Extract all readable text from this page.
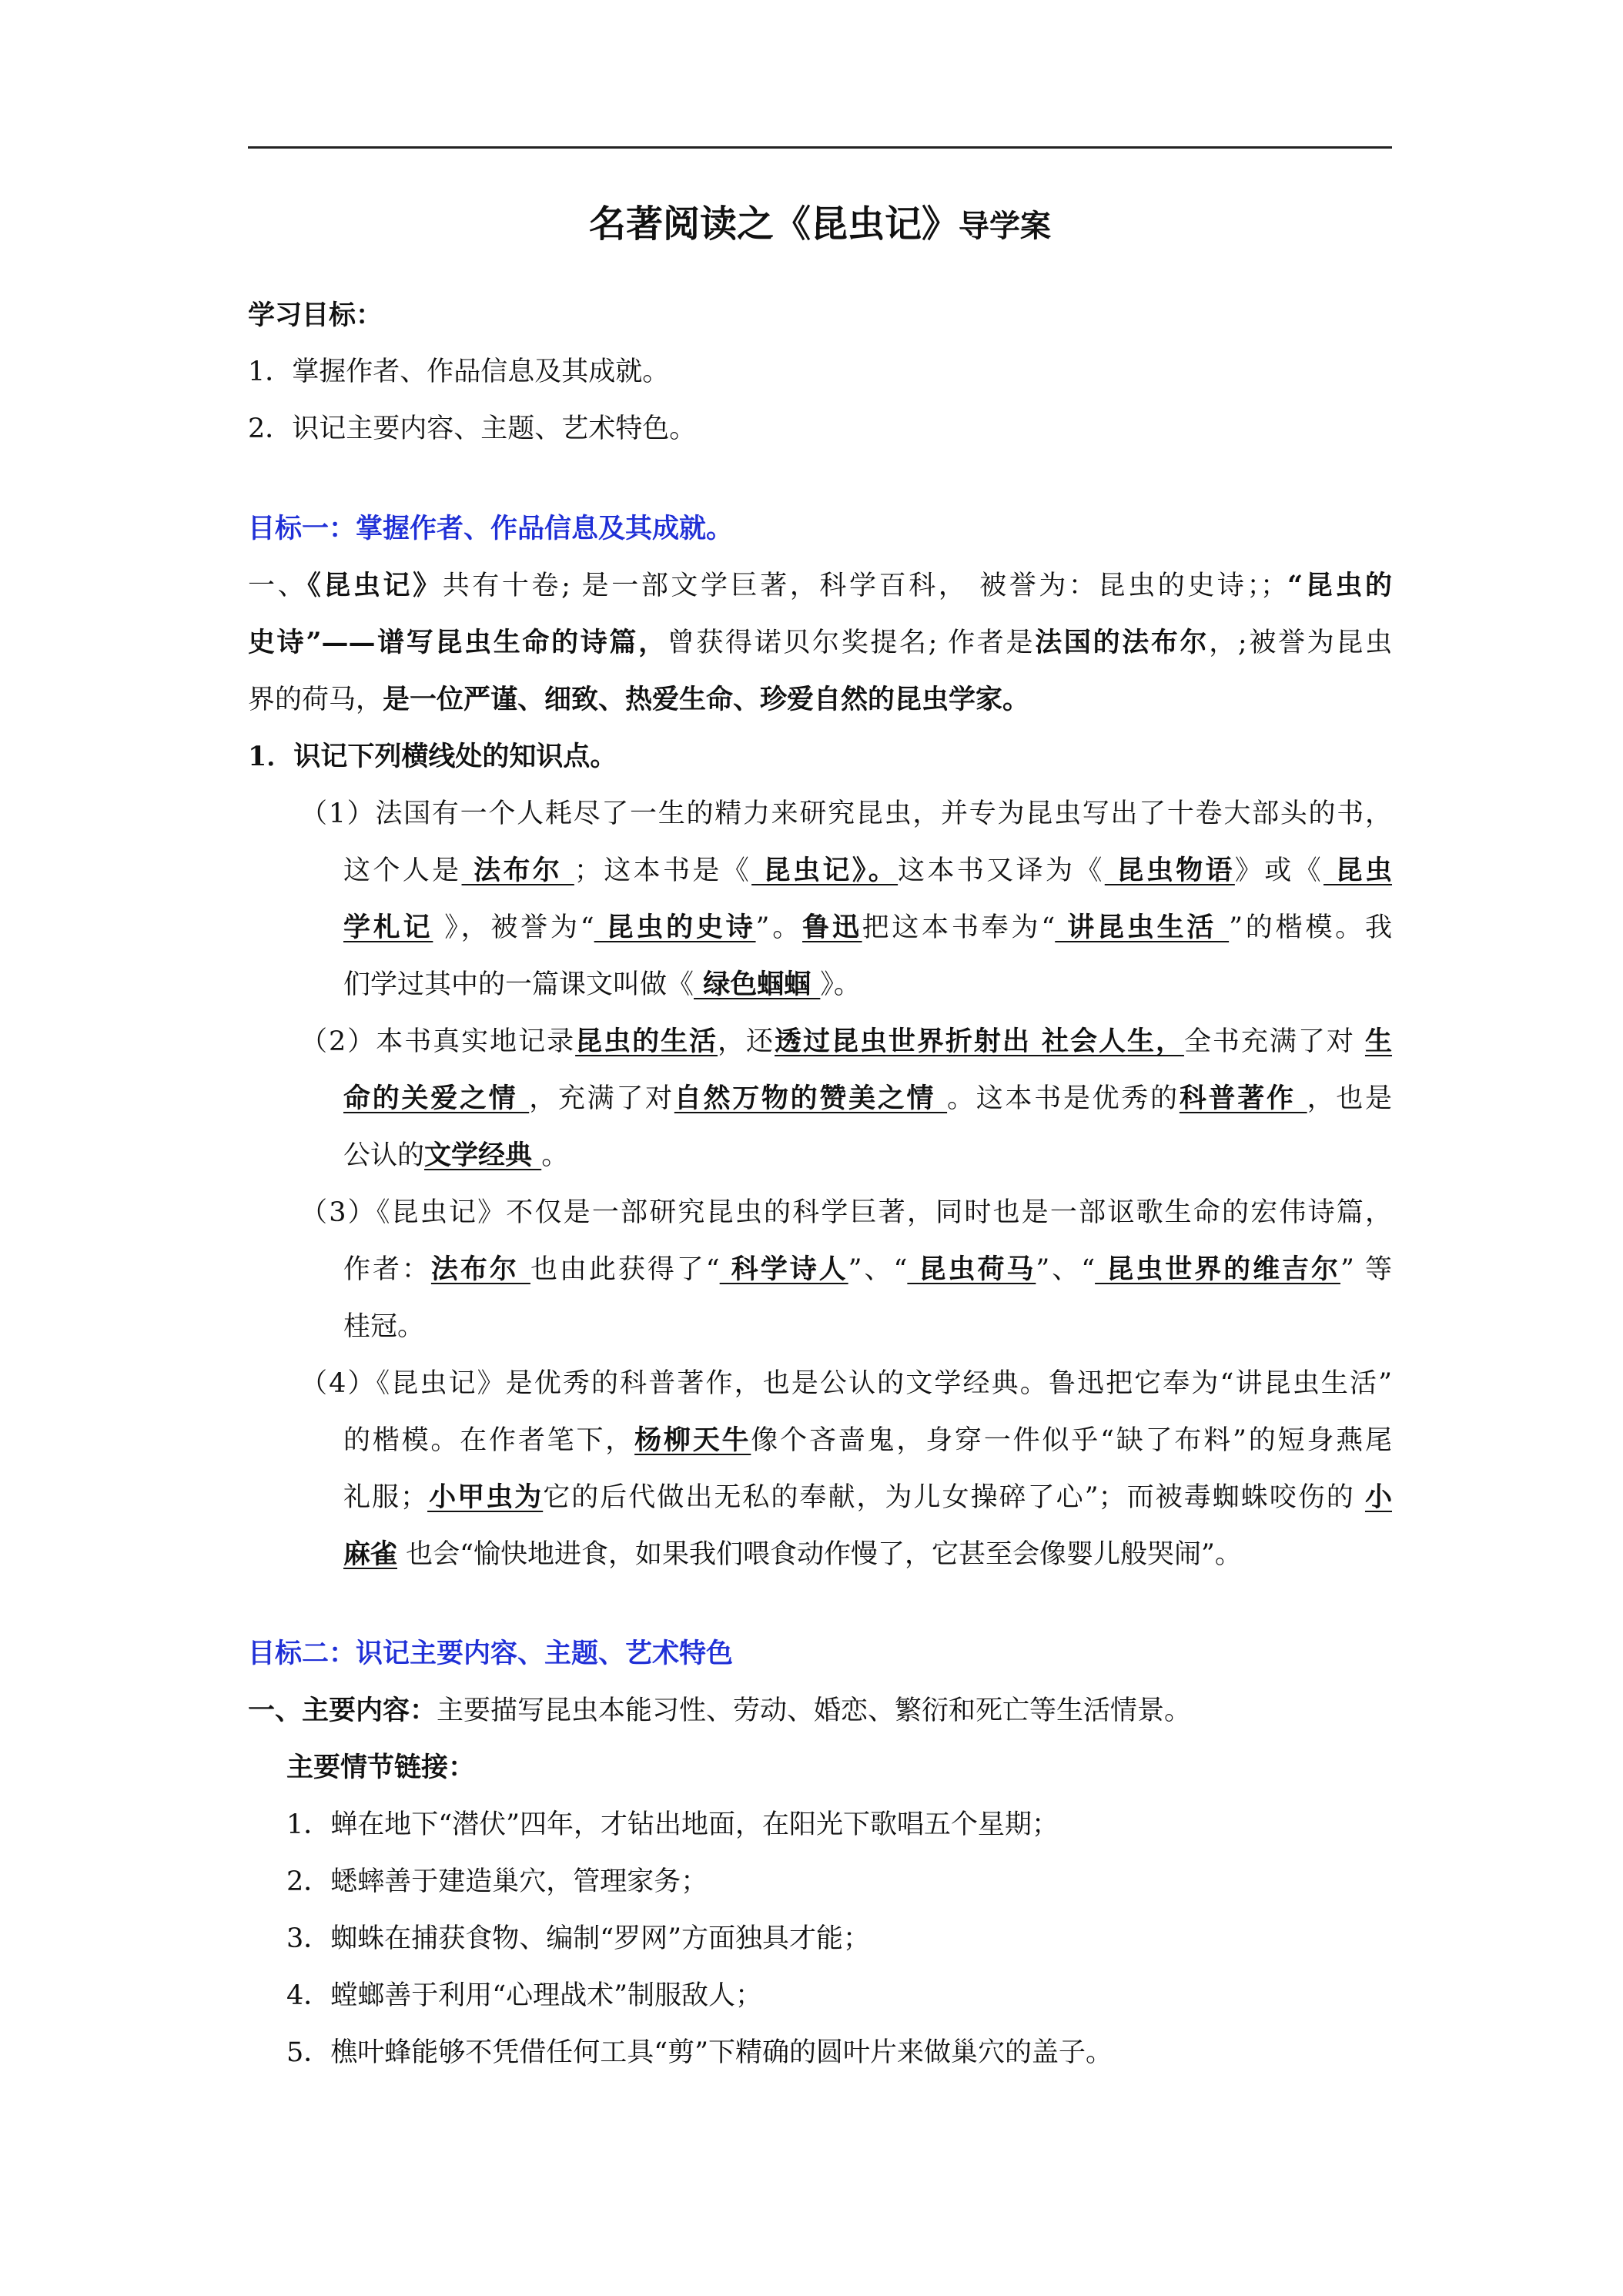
名著阅读之《昆虫记》导学案
学习目标：
1．掌握作者、作品信息及其成就。
2．识记主要内容、主题、艺术特色。
目标一：掌握作者、作品信息及其成就。
一、《昆虫记》共有十卷; 是一部文学巨著，科学百科， 被誉为：昆虫的史诗；；“昆虫的
史诗”——谱写昆虫生命的诗篇，曾获得诺贝尔奖提名; 作者是法国的法布尔，;被誉为昆虫
界的荷马，是一位严谨、细致、热爱生命、珍爱自然的昆虫学家。
1．识记下列横线处的知识点。
（1）法国有一个人耗尽了一生的精力来研究昆虫，并专为昆虫写出了十卷大部头的书，
这个人是 法布尔 ；这本书是《 昆虫记》。这本书又译为《 昆虫物语》或《 昆虫
学札记 》，被誉为“ 昆虫的史诗”。鲁迅把这本书奉为“ 讲昆虫生活 ”的楷模。我
们学过其中的一篇课文叫做《 绿色蝈蝈 》。
（2）本书真实地记录昆虫的生活，还透过昆虫世界折射出 社会人生，全书充满了对 生
命的关爱之情 ，充满了对自然万物的赞美之情 。这本书是优秀的科普著作 ，也是
公认的文学经典 。
（3）《昆虫记》不仅是一部研究昆虫的科学巨著，同时也是一部讴歌生命的宏伟诗篇，
作者：法布尔 也由此获得了“ 科学诗人”、“ 昆虫荷马”、“ 昆虫世界的维吉尔” 等
桂冠。
（4）《昆虫记》是优秀的科普著作，也是公认的文学经典。鲁迅把它奉为“讲昆虫生活”
的楷模。在作者笔下，杨柳天牛像个吝啬鬼，身穿一件似乎“缺了布料”的短身燕尾
礼服；小甲虫为它的后代做出无私的奉献，为儿女操碎了心”；而被毒蜘蛛咬伤的 小
麻雀 也会“愉快地进食，如果我们喂食动作慢了，它甚至会像婴儿般哭闹”。
目标二：识记主要内容、主题、艺术特色
一、主要内容：主要描写昆虫本能习性、劳动、婚恋、繁衍和死亡等生活情景。
主要情节链接：
1．蝉在地下“潜伏”四年，才钻出地面，在阳光下歌唱五个星期；
2．蟋蟀善于建造巢穴，管理家务；
3．蜘蛛在捕获食物、编制“罗网”方面独具才能；
4．螳螂善于利用“心理战术”制服敌人；
5．樵叶蜂能够不凭借任何工具“剪”下精确的圆叶片来做巢穴的盖子。
